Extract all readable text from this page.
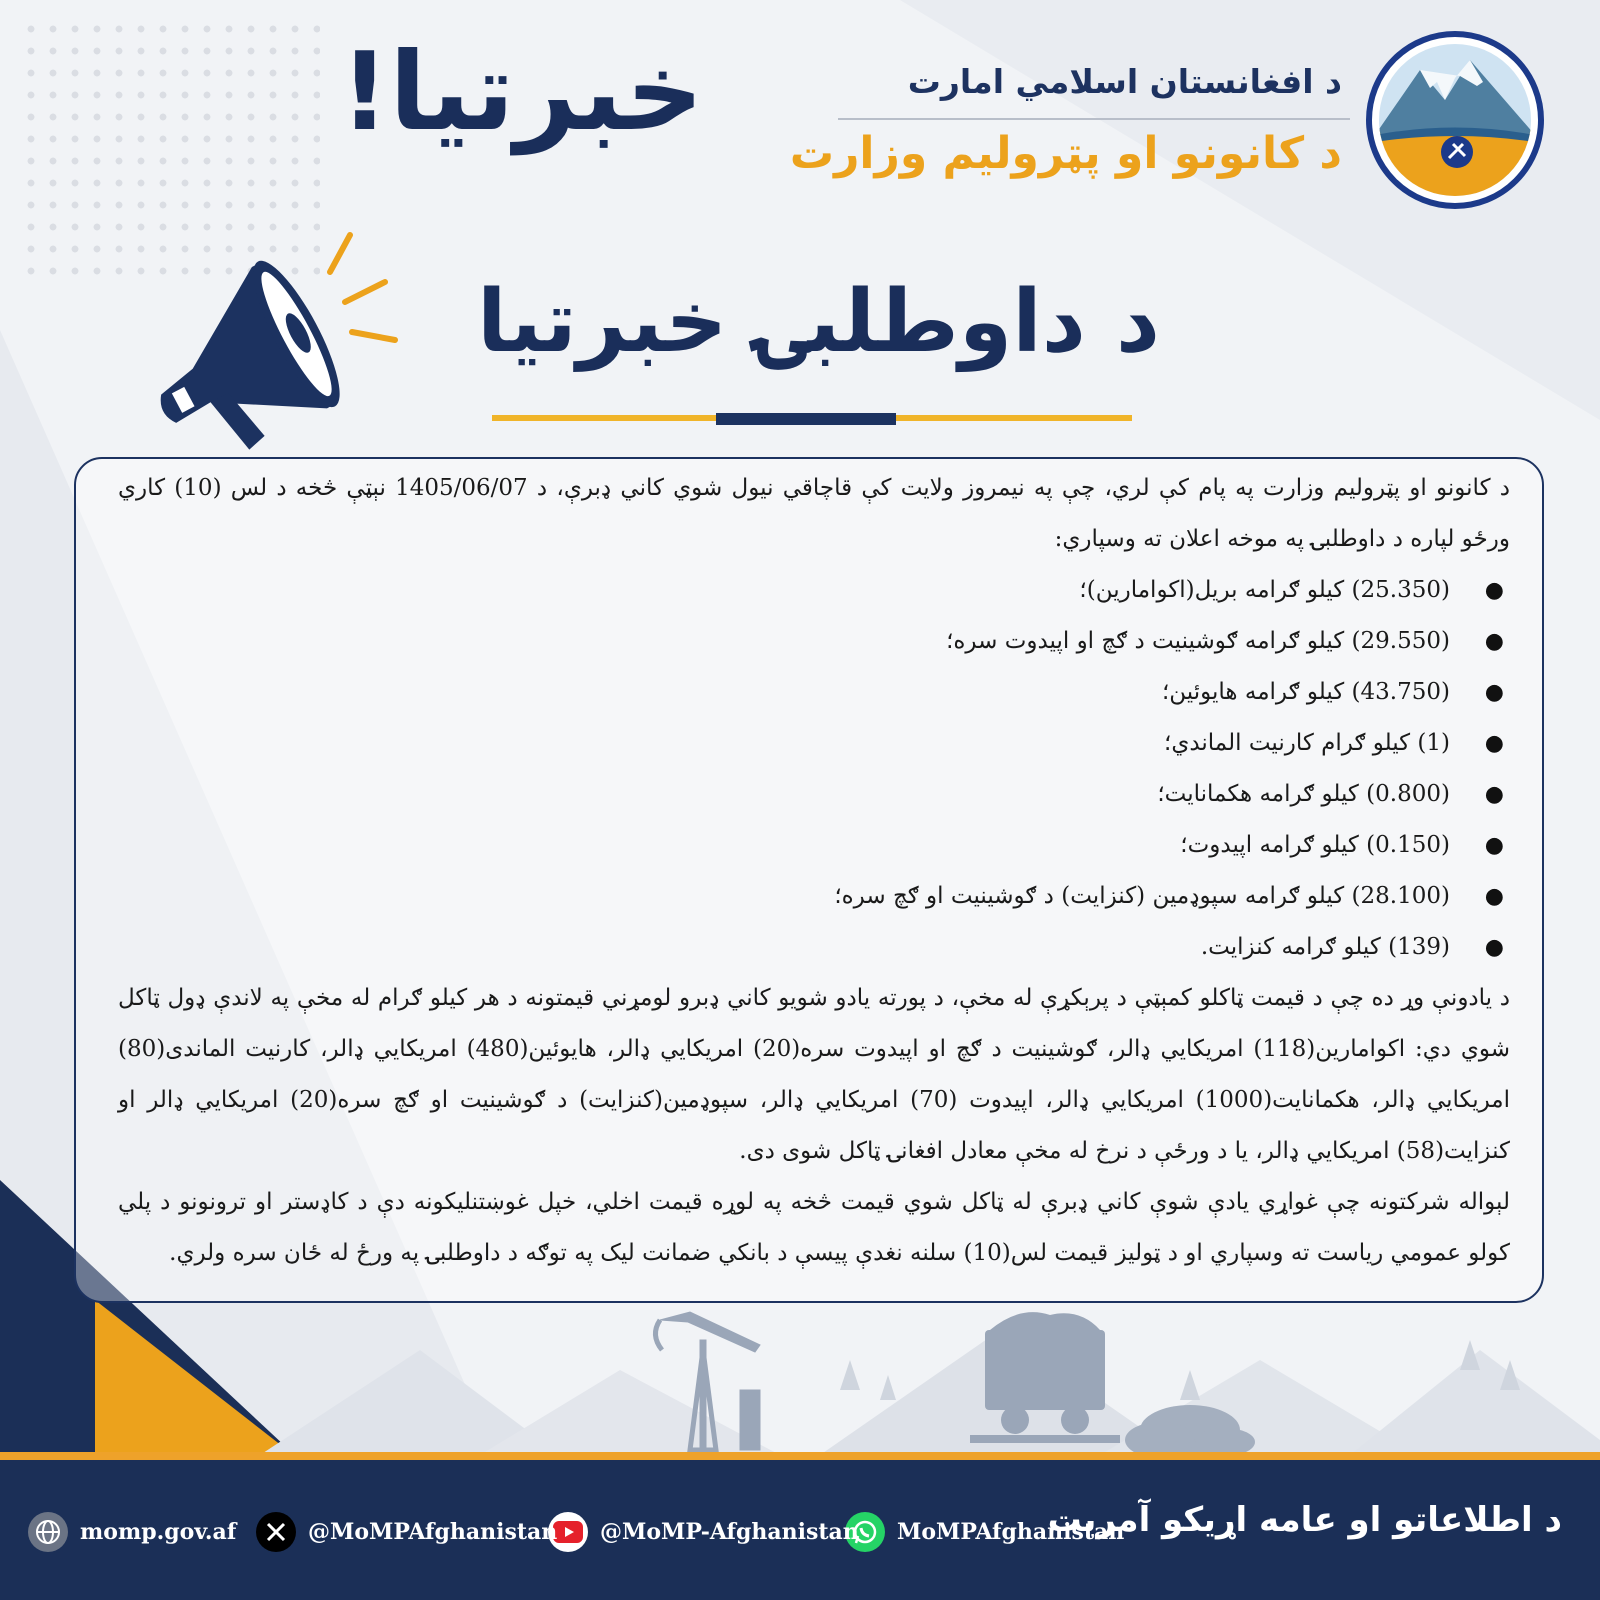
د افغانستان اسلامي امارت
د کانونو او پټرولیم وزارت
خبرتیا!
د داوطلبۍ خبرتیا

د کانونو او پټرولیم وزارت په پام کې لري، چې په نیمروز ولایت کې قاچاقي نیول شوي کاني ډبرې، د 1405/06/07 نېټې څخه د لس (10) کاري ورځو لپاره د داوطلبۍ په موخه اعلان ته وسپاري:

●
(25.350) کیلو ګرامه بریل(اکوامارین)؛
●
(29.550) کیلو ګرامه ګوشینیت د ګچ او اپیدوت سره؛
●
(43.750) کیلو ګرامه هایوئین؛
●
(1) کیلو ګرام کارنیت الماندي؛
●
(0.800) کیلو ګرامه هکمانایت؛
●
(0.150) کیلو ګرامه اپیدوت؛
●
(28.100) کیلو ګرامه سپوډمین (کنزایت) د ګوشینیت او ګچ سره؛
●
(139) کیلو ګرامه کنزایت.

د یادونې وړ ده چې د قیمت ټاکلو کمېټې د پرېکړې له مخې، د پورته یادو شویو کاني ډبرو لومړني قیمتونه د هر کیلو ګرام له مخې په لاندې ډول ټاکل شوي دي: اکوامارین(118) امریکایي ډالر، ګوشینیت د ګچ او اپیدوت سره(20) امریکایي ډالر، هایوئین(480) امریکایي ډالر، کارنیت الماندی(80) امریکایي ډالر، هکمانایت(1000) امریکایي ډالر، اپیدوت (70) امریکایي ډالر، سپوډمین(کنزایت) د ګوشینیت او ګچ سره(20) امریکایي ډالر او کنزایت(58) امریکایي ډالر، یا د ورځې د نرخ له مخې معادل افغانۍ ټاکل شوی دی.

لېواله شرکتونه چې غواړي یادې شوې کاني ډبرې له ټاکل شوي قیمت څخه په لوړه قیمت اخلي، خپل غوښتنلیکونه دې د کاډستر او ترونونو د پلي کولو عمومي ریاست ته وسپاري او د ټولیز قیمت لس(10) سلنه نغدې پیسې د بانکي ضمانت لیک په توګه د داوطلبۍ په ورځ له ځان سره ولري.

د اطلاعاتو او عامه اړیکو آمریت
MoMPAfghanistan
@MoMP-Afghanistan
@MoMPAfghanistan
momp.gov.af
